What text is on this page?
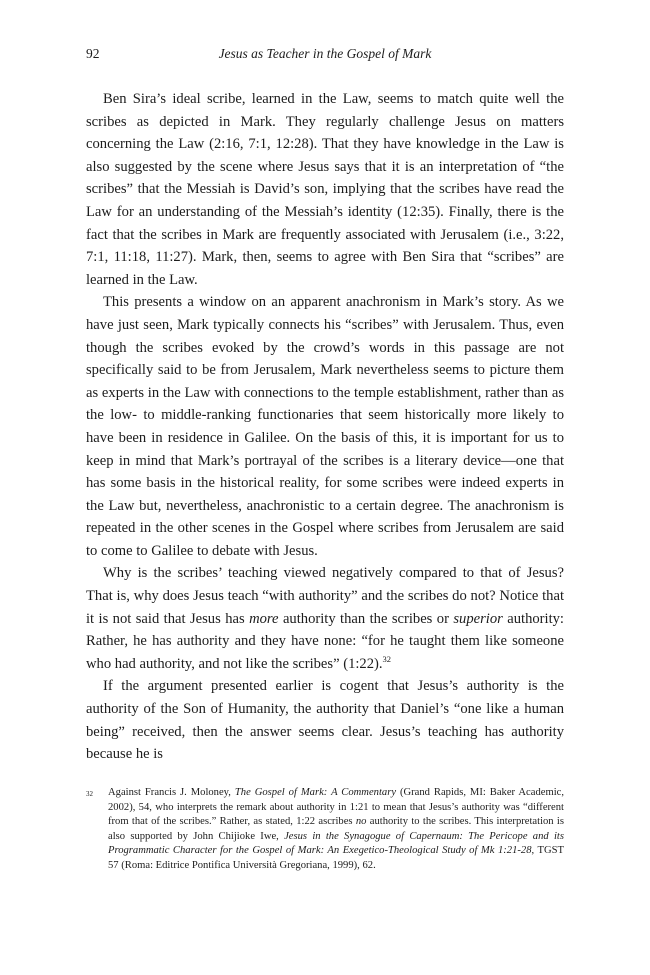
92	Jesus as Teacher in the Gospel of Mark

Ben Sira’s ideal scribe, learned in the Law, seems to match quite well the scribes as depicted in Mark. They regularly challenge Jesus on matters concerning the Law (2:16, 7:1, 12:28). That they have knowledge in the Law is also suggested by the scene where Jesus says that it is an interpretation of “the scribes” that the Messiah is David’s son, implying that the scribes have read the Law for an understanding of the Messiah’s identity (12:35). Finally, there is the fact that the scribes in Mark are frequently associated with Jerusalem (i.e., 3:22, 7:1, 11:18, 11:27). Mark, then, seems to agree with Ben Sira that “scribes” are learned in the Law.

This presents a window on an apparent anachronism in Mark’s story. As we have just seen, Mark typically connects his “scribes” with Jerusalem. Thus, even though the scribes evoked by the crowd’s words in this passage are not specifically said to be from Jerusalem, Mark nevertheless seems to picture them as experts in the Law with connections to the temple establishment, rather than as the low- to middle-ranking functionaries that seem historically more likely to have been in residence in Galilee. On the basis of this, it is important for us to keep in mind that Mark’s portrayal of the scribes is a literary device—one that has some basis in the historical reality, for some scribes were indeed experts in the Law but, nevertheless, anachronistic to a certain degree. The anachronism is repeated in the other scenes in the Gospel where scribes from Jerusalem are said to come to Galilee to debate with Jesus.

Why is the scribes’ teaching viewed negatively compared to that of Jesus? That is, why does Jesus teach “with authority” and the scribes do not? Notice that it is not said that Jesus has more authority than the scribes or superior authority: Rather, he has authority and they have none: “for he taught them like someone who had authority, and not like the scribes” (1:22).$^{32}$

If the argument presented earlier is cogent that Jesus’s authority is the authority of the Son of Humanity, the authority that Daniel’s “one like a human being” received, then the answer seems clear. Jesus’s teaching has authority because he is

32 Against Francis J. Moloney, The Gospel of Mark: A Commentary (Grand Rapids, MI: Baker Academic, 2002), 54, who interprets the remark about authority in 1:21 to mean that Jesus’s authority was “different from that of the scribes.” Rather, as stated, 1:22 ascribes no authority to the scribes. This interpretation is also supported by John Chijioke Iwe, Jesus in the Synagogue of Capernaum: The Pericope and its Programmatic Character for the Gospel of Mark: An Exegetico-Theological Study of Mk 1:21-28, TGST 57 (Roma: Editrice Pontifica Università Gregoriana, 1999), 62.
